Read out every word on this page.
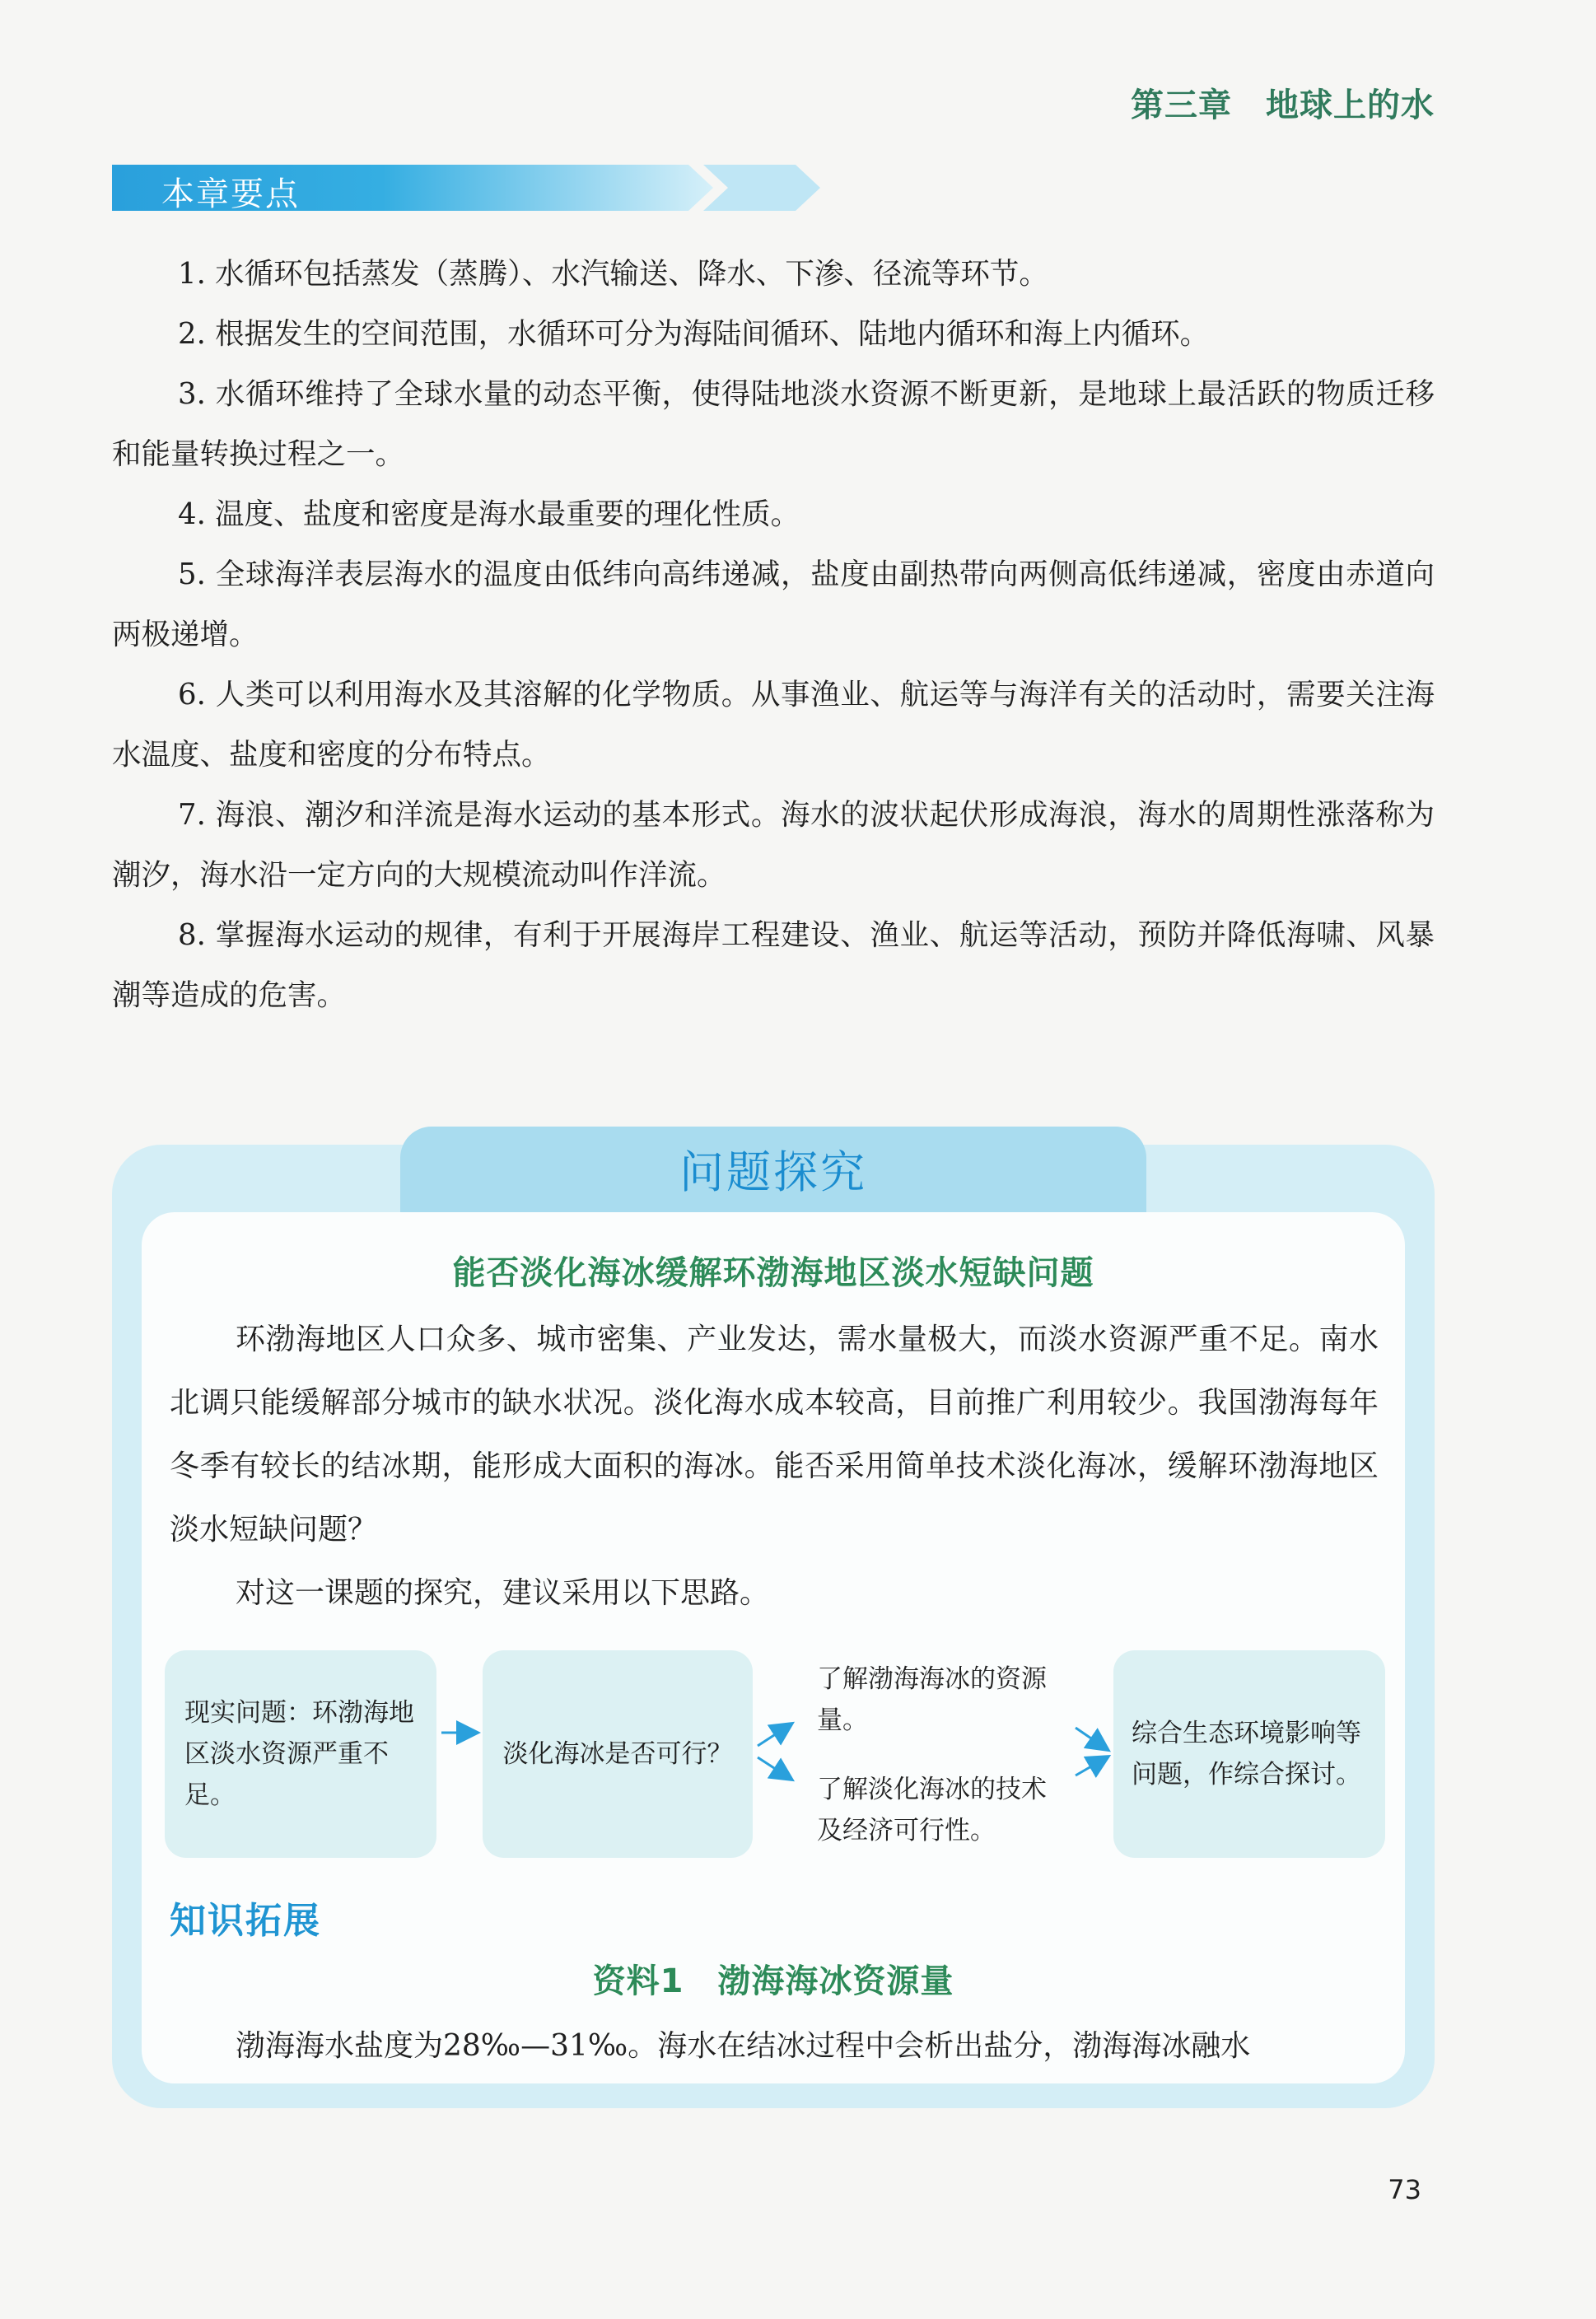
第三章　地球上的水
本章要点

1. 水循环包括蒸发（蒸腾）、水汽输送、降水、下渗、径流等环节。

2. 根据发生的空间范围，水循环可分为海陆间循环、陆地内循环和海上内循环。

3. 水循环维持了全球水量的动态平衡，使得陆地淡水资源不断更新，是地球上最活跃的物质迁移和能量转换过程之一。

4. 温度、盐度和密度是海水最重要的理化性质。

5. 全球海洋表层海水的温度由低纬向高纬递减，盐度由副热带向两侧高低纬递减，密度由赤道向两极递增。

6. 人类可以利用海水及其溶解的化学物质。从事渔业、航运等与海洋有关的活动时，需要关注海水温度、盐度和密度的分布特点。

7. 海浪、潮汐和洋流是海水运动的基本形式。海水的波状起伏形成海浪，海水的周期性涨落称为潮汐，海水沿一定方向的大规模流动叫作洋流。

8. 掌握海水运动的规律，有利于开展海岸工程建设、渔业、航运等活动，预防并降低海啸、风暴潮等造成的危害。

问题探究
能否淡化海冰缓解环渤海地区淡水短缺问题

环渤海地区人口众多、城市密集、产业发达，需水量极大，而淡水资源严重不足。南水北调只能缓解部分城市的缺水状况。淡化海水成本较高，目前推广利用较少。我国渤海每年冬季有较长的结冰期，能形成大面积的海冰。能否采用简单技术淡化海冰，缓解环渤海地区淡水短缺问题？

对这一课题的探究，建议采用以下思路。

现实问题：环渤海地区淡水资源严重不足。
淡化海冰是否可行？
了解渤海海冰的资源量。
了解淡化海冰的技术及经济可行性。
综合生态环境影响等问题，作综合探讨。
知识拓展
资料1　渤海海冰资源量

渤海海水盐度为28‰—31‰。海水在结冰过程中会析出盐分，渤海海冰融水

73
